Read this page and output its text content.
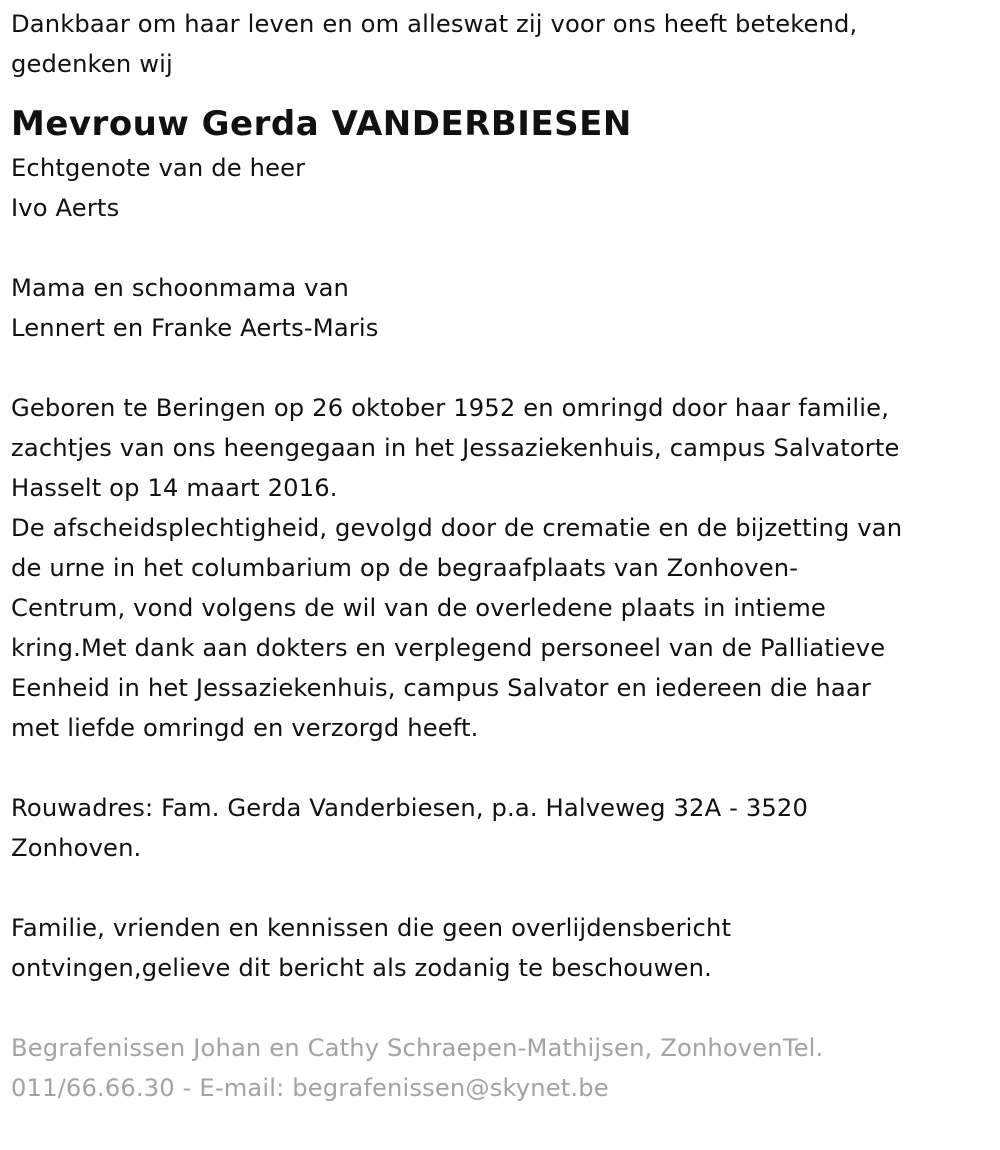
Dankbaar om haar leven en om alleswat zij voor ons heeft betekend,
gedenken wij
Mevrouw Gerda VANDERBIESEN
Echtgenote van de heer
Ivo Aerts
Mama en schoonmama van
Lennert en Franke Aerts-Maris
Geboren te Beringen op 26 oktober 1952 en omringd door haar familie,
zachtjes van ons heengegaan in het Jessaziekenhuis, campus Salvatorte
Hasselt op 14 maart 2016.
De afscheidsplechtigheid, gevolgd door de crematie en de bijzetting van
de urne in het columbarium op de begraafplaats van Zonhoven-
Centrum, vond volgens de wil van de overledene plaats in intieme
kring.Met dank aan dokters en verplegend personeel van de Palliatieve
Eenheid in het Jessaziekenhuis, campus Salvator en iedereen die haar
met liefde omringd en verzorgd heeft.
Rouwadres: Fam. Gerda Vanderbiesen, p.a. Halveweg 32A - 3520
Zonhoven.
Familie, vrienden en kennissen die geen overlijdensbericht
ontvingen,gelieve dit bericht als zodanig te beschouwen.
Begrafenissen Johan en Cathy Schraepen-Mathijsen, ZonhovenTel.
011/66.66.30 - E-mail: begrafenissen@skynet.be
